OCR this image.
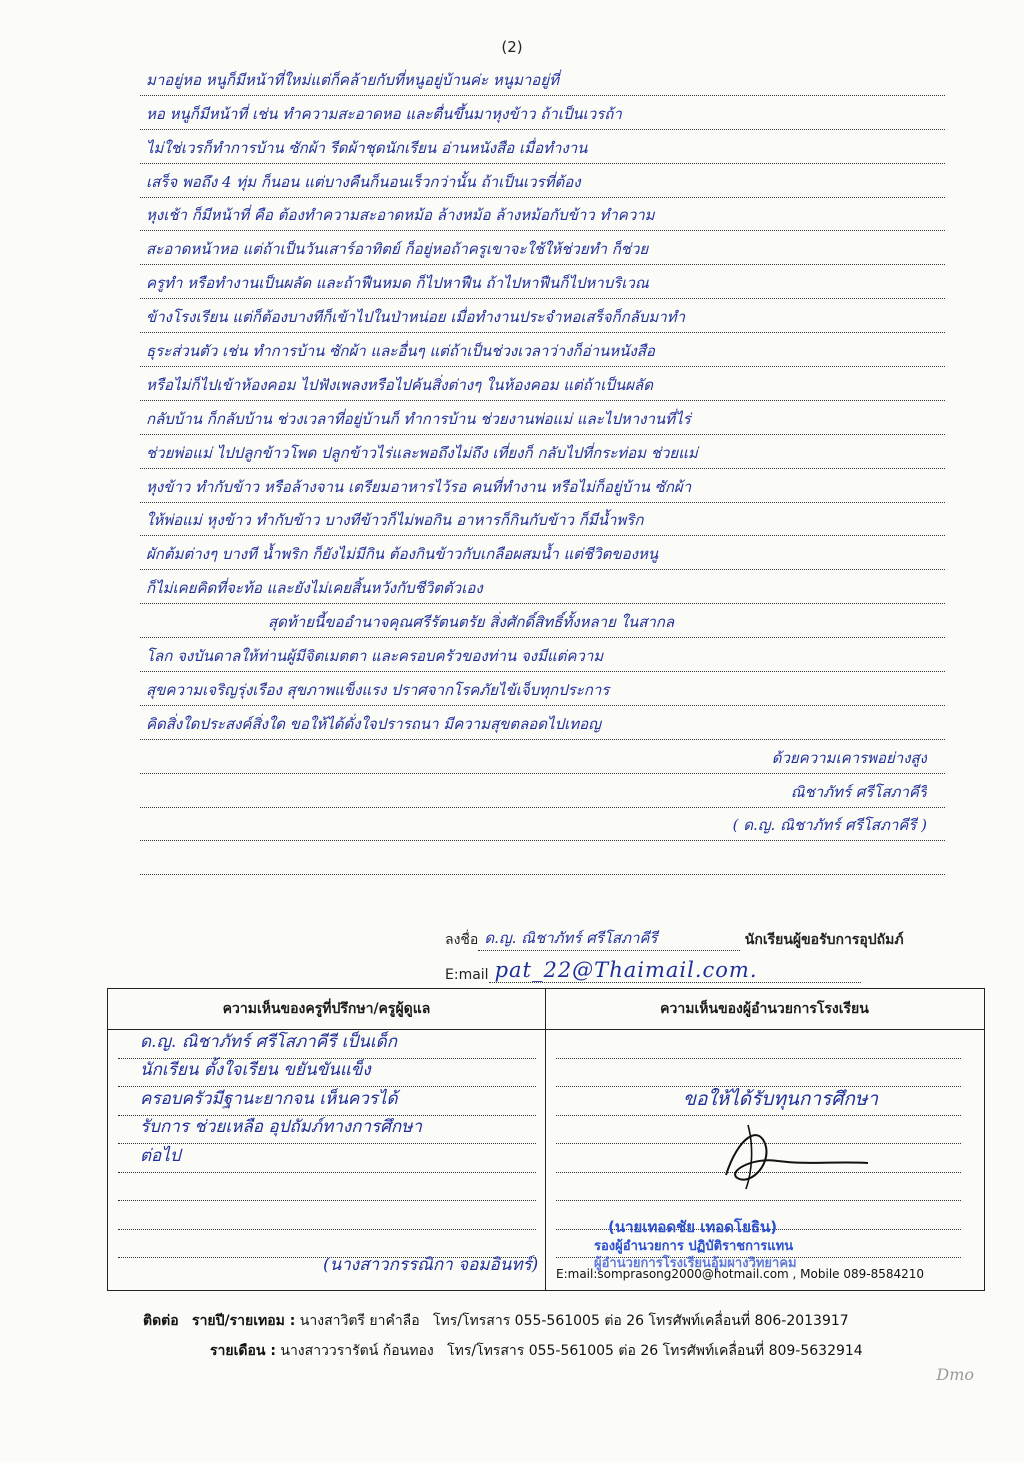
(2)
มาอยู่หอ หนูก็มีหน้าที่ใหม่แต่ก็คล้ายกับที่หนูอยู่บ้านค่ะ หนูมาอยู่ที่
หอ หนูก็มีหน้าที่ เช่น ทำความสะอาดหอ และตื่นขึ้นมาหุงข้าว ถ้าเป็นเวรถ้า
ไม่ใช่เวรก็ทำการบ้าน ซักผ้า รีดผ้าชุดนักเรียน อ่านหนังสือ เมื่อทำงาน
เสร็จ พอถึง 4 ทุ่ม ก็นอน แต่บางคืนก็นอนเร็วกว่านั้น ถ้าเป็นเวรที่ต้อง
หุงเช้า ก็มีหน้าที่ คือ ต้องทำความสะอาดหม้อ ล้างหม้อ ล้างหม้อกับข้าว ทำความ
สะอาดหน้าหอ แต่ถ้าเป็นวันเสาร์อาทิตย์ ก็อยู่หอถ้าครูเขาจะใช้ให้ช่วยทำ ก็ช่วย
ครูทำ หรือทำงานเป็นผลัด และถ้าฟืนหมด ก็ไปหาฟืน ถ้าไปหาฟืนก็ไปหาบริเวณ
ข้างโรงเรียน แต่ก็ต้องบางทีก็เข้าไปในป่าหน่อย เมื่อทำงานประจำหอเสร็จก็กลับมาทำ
ธุระส่วนตัว เช่น ทำการบ้าน ซักผ้า และอื่นๆ แต่ถ้าเป็นช่วงเวลาว่างก็อ่านหนังสือ
หรือไม่ก็ไปเข้าห้องคอม ไปฟังเพลงหรือไปค้นสิ่งต่างๆ ในห้องคอม แต่ถ้าเป็นผลัด
กลับบ้าน ก็กลับบ้าน ช่วงเวลาที่อยู่บ้านก็ ทำการบ้าน ช่วยงานพ่อแม่ และไปหางานที่ไร่
ช่วยพ่อแม่ ไปปลูกข้าวโพด ปลูกข้าวไร่และพอถึงไม่ถึง เที่ยงก็ กลับไปที่กระท่อม ช่วยแม่
หุงข้าว ทำกับข้าว หรือล้างจาน เตรียมอาหารไว้รอ คนที่ทำงาน หรือไม่ก็อยู่บ้าน ซักผ้า
ให้พ่อแม่ หุงข้าว ทำกับข้าว บางทีข้าวก็ไม่พอกิน อาหารก็กินกับข้าว ก็มีน้ำพริก
ผักต้มต่างๆ บางที น้ำพริก ก็ยังไม่มีกิน ต้องกินข้าวกับเกลือผสมน้ำ แต่ชีวิตของหนู
ก็ไม่เคยคิดที่จะท้อ และยังไม่เคยสิ้นหวังกับชีวิตตัวเอง
สุดท้ายนี้ขออำนาจคุณศรีรัตนตรัย สิ่งศักดิ์สิทธิ์ทั้งหลาย ในสากล
โลก จงบันดาลให้ท่านผู้มีจิตเมตตา และครอบครัวของท่าน จงมีแต่ความ
สุขความเจริญรุ่งเรือง สุขภาพแข็งแรง ปราศจากโรคภัยไข้เจ็บทุกประการ
คิดสิ่งใดประสงค์สิ่งใด ขอให้ได้ดั่งใจปรารถนา มีความสุขตลอดไปเทอญ
ด้วยความเคารพอย่างสูง
ณิชาภัทร์ ศรีโสภาคีรี
( ด.ญ. ณิชาภัทร์ ศรีโสภาคีรี )
ลงชื่อ ด.ญ. ณิชาภัทร์ ศรีโสภาคีรี	นักเรียนผู้ขอรับการอุปถัมภ์
E:mail pat_22@Thaimail.com.
ความเห็นของครูที่ปรึกษา/ครูผู้ดูแล	ความเห็นของผู้อำนวยการโรงเรียน
ด.ญ. ณิชาภัทร์ ศรีโสภาคีรี เป็นเด็ก
นักเรียน ตั้งใจเรียน ขยันขันแข็ง
ครอบครัวมีฐานะยากจน เห็นควรได้
รับการ ช่วยเหลือ อุปถัมภ์ทางการศึกษา
ต่อไป
(นางสาวกรรณิกา จอมอินทร์)
ขอให้ได้รับทุนการศึกษา
(นายเทอดชัย เทอดโยธิน)
รองผู้อำนวยการ ปฏิบัติราชการแทน
ผู้อำนวยการโรงเรียนอุ้มผางวิทยาคม
E:mail:somprasong2000@hotmail.com , Mobile 089-8584210
ติดต่อ รายปี/รายเทอม : นางสาวิตรี ยาคำลือ โทร/โทรสาร 055-561005 ต่อ 26 โทรศัพท์เคลื่อนที่ 806-2013917
รายเดือน : นางสาววรารัตน์ ก้อนทอง โทร/โทรสาร 055-561005 ต่อ 26 โทรศัพท์เคลื่อนที่ 809-5632914
Dmo
